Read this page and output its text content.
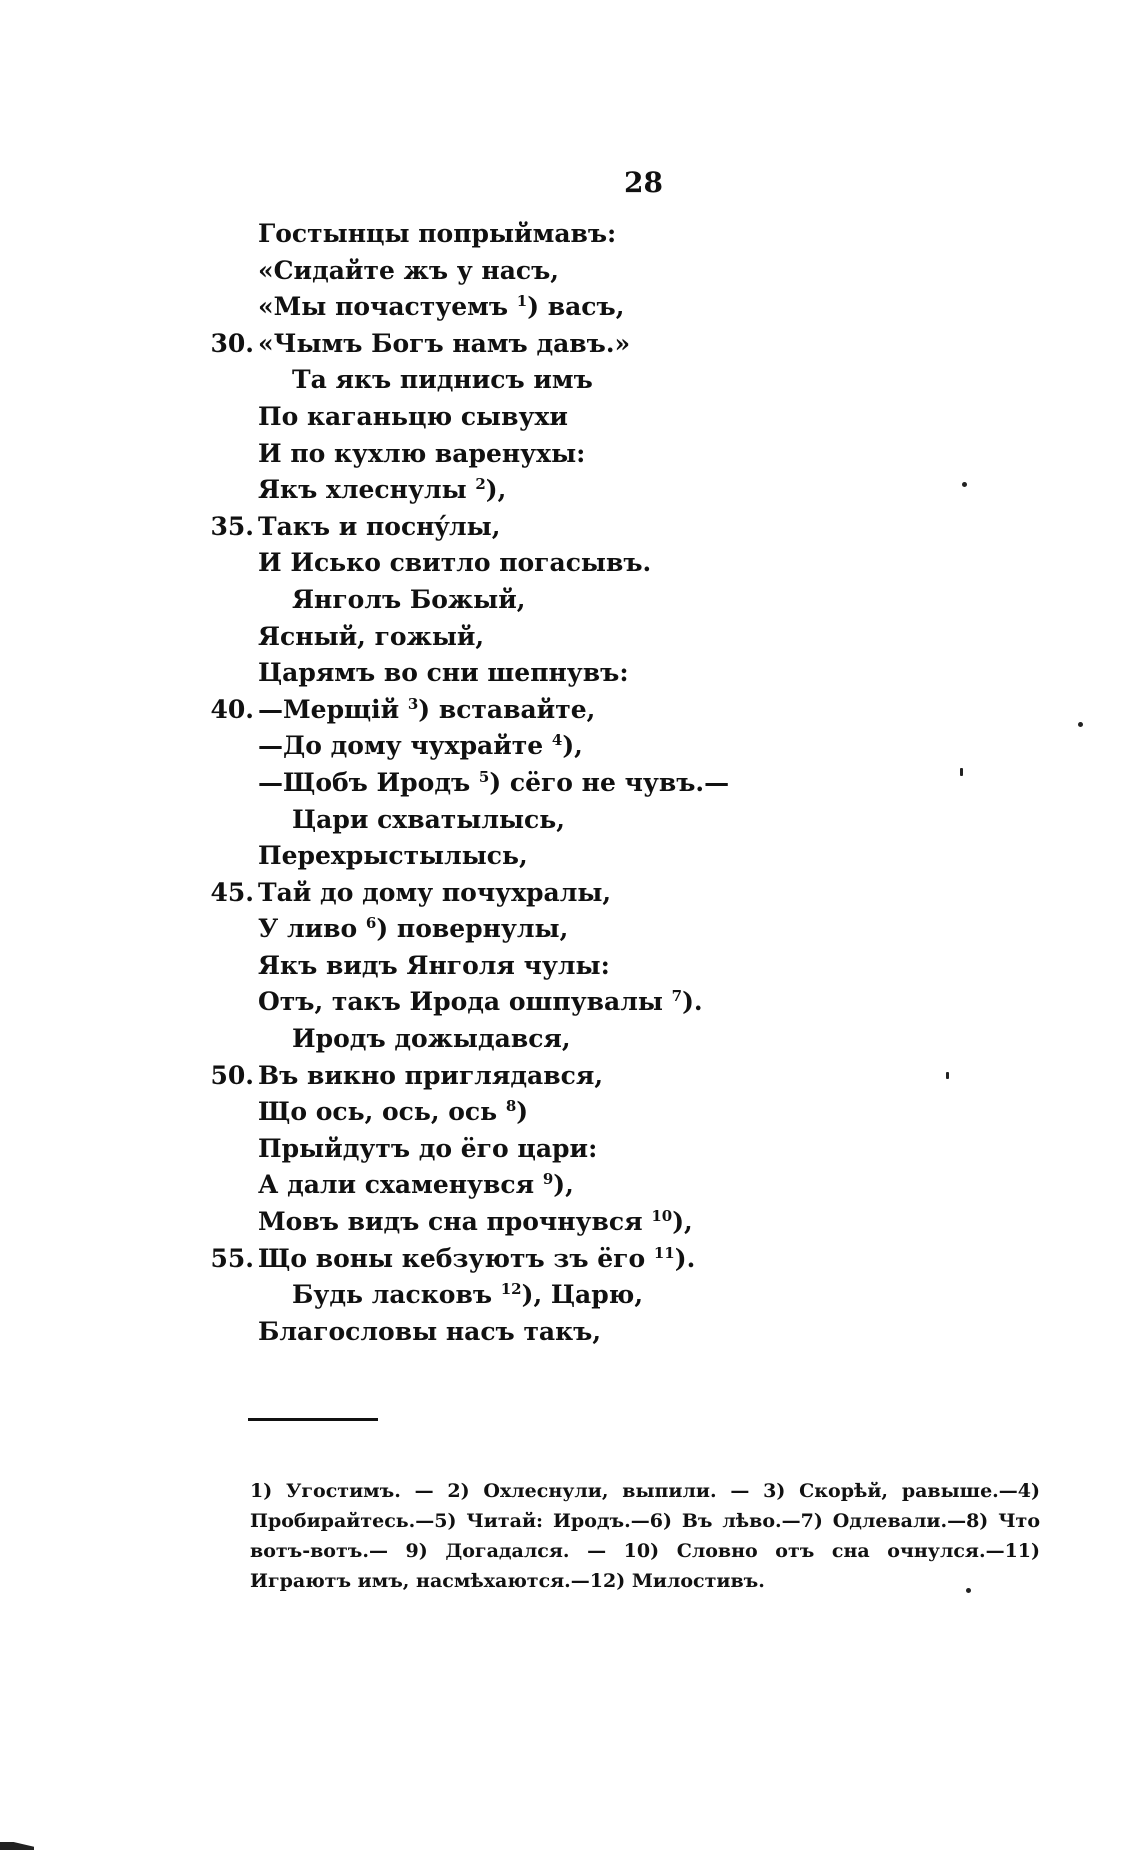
28
Гостынцы попрыймавъ:
«Сидайте жъ у насъ,
«Мы почастуемъ $^1$) васъ,
30. «Чымъ Богъ намъ давъ.»
Та якъ пиднисъ имъ
По каганьцю сывухи
И по кухлю варенухы:
Якъ хлеснулы $^2$),
35. Такъ и поснýлы,
И Исько свитло погасывъ.
Янголъ Божый,
Ясный, гожый,
Царямъ во сни шепнувъ:
40. —Мерщій $^3$) вставайте,
—До дому чухрайте $^4$),
—Щобъ Иродъ $^5$) сёго не чувъ.—
Цари схватылысь,
Перехрыстылысь,
45. Тай до дому почухралы,
У ливо $^6$) повернулы,
Якъ видъ Янголя чулы:
Отъ, такъ Ирода ошпувалы $^7$).
Иродъ дожыдався,
50. Въ викно приглядався,
Що ось, ось, ось $^8$)
Прыйдутъ до ёго цари:
А дали схаменувся $^9$),
Мовъ видъ сна прочнувся $^{10}$),
55. Що воны кебзуютъ зъ ёго $^{11}$).
Будь ласковъ $^{12}$), Царю,
Благословы насъ такъ,
1) Угостимъ. — 2) Охлеснули, выпили. — 3) Скорѣй, равыше.—4) Пробирайтесь.—5) Читай: Иродъ.—6) Въ лѣво.—7) Одлевали.—8) Что вотъ-вотъ.— 9) Догадался. — 10) Словно отъ сна очнулся.—11) Играютъ имъ, насмѣхаются.—12) Милостивъ.
